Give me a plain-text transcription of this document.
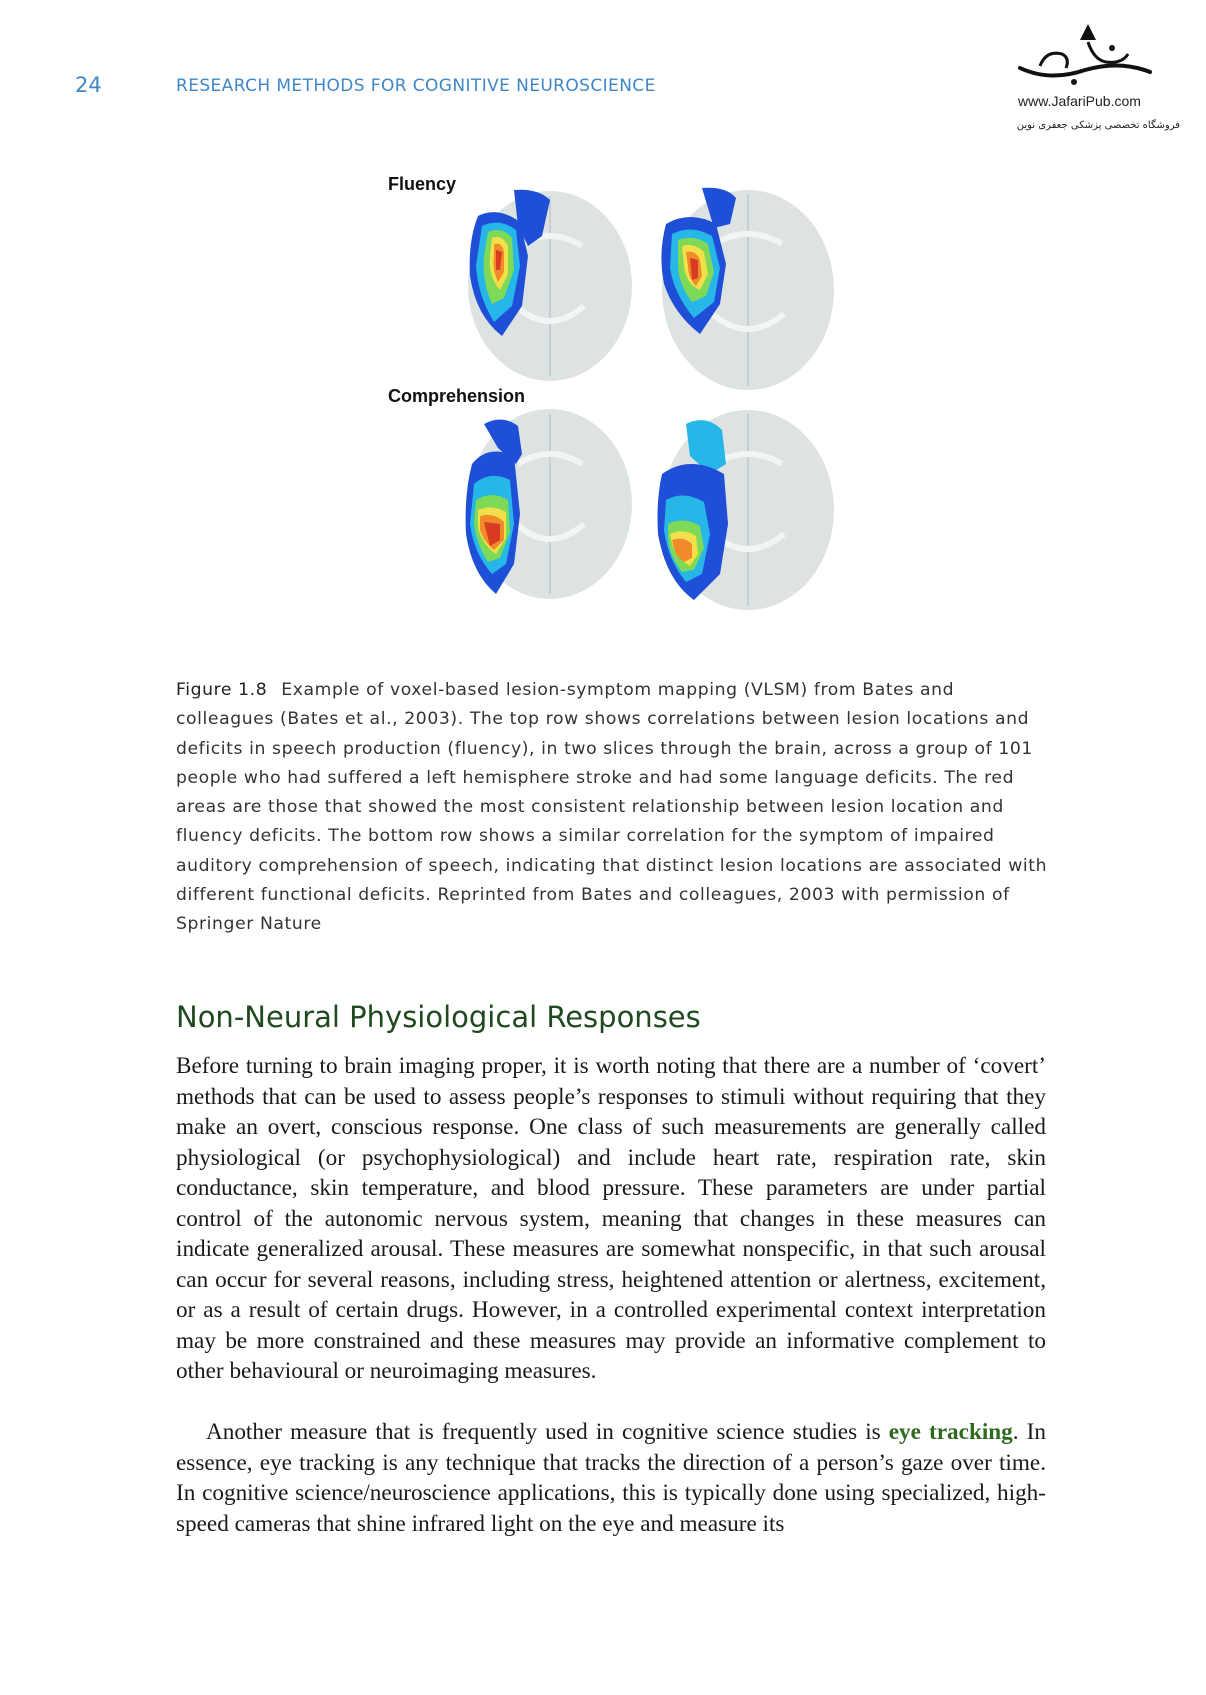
24	RESEARCH METHODS FOR COGNITIVE NEUROSCIENCE
www.JafariPub.com
فروشگاه تخصصی پزشکی جعفری نوین
Fluency
Comprehension
Figure 1.8 Example of voxel-based lesion-symptom mapping (VLSM) from Bates and colleagues (Bates et al., 2003). The top row shows correlations between lesion locations and deficits in speech production (fluency), in two slices through the brain, across a group of 101 people who had suffered a left hemisphere stroke and had some language deficits. The red areas are those that showed the most consistent relationship between lesion location and fluency deficits. The bottom row shows a similar correlation for the symptom of impaired auditory comprehension of speech, indicating that distinct lesion locations are associated with different functional deficits. Reprinted from Bates and colleagues, 2003 with permission of Springer Nature
Non-Neural Physiological Responses
Before turning to brain imaging proper, it is worth noting that there are a number of ‘covert’ methods that can be used to assess people’s responses to stimuli without requiring that they make an overt, conscious response. One class of such measurements are generally called physiological (or psychophysiological) and include heart rate, respiration rate, skin conductance, skin temperature, and blood pressure. These parameters are under partial control of the autonomic nervous system, meaning that changes in these measures can indicate generalized arousal. These measures are somewhat nonspecific, in that such arousal can occur for several reasons, including stress, heightened attention or alertness, excitement, or as a result of certain drugs. However, in a controlled experimental context interpretation may be more constrained and these measures may provide an informative complement to other behavioural or neuroimaging measures.
Another measure that is frequently used in cognitive science studies is eye tracking. In essence, eye tracking is any technique that tracks the direction of a person’s gaze over time. In cognitive science/neuroscience applications, this is typically done using specialized, high-speed cameras that shine infrared light on the eye and measure its
